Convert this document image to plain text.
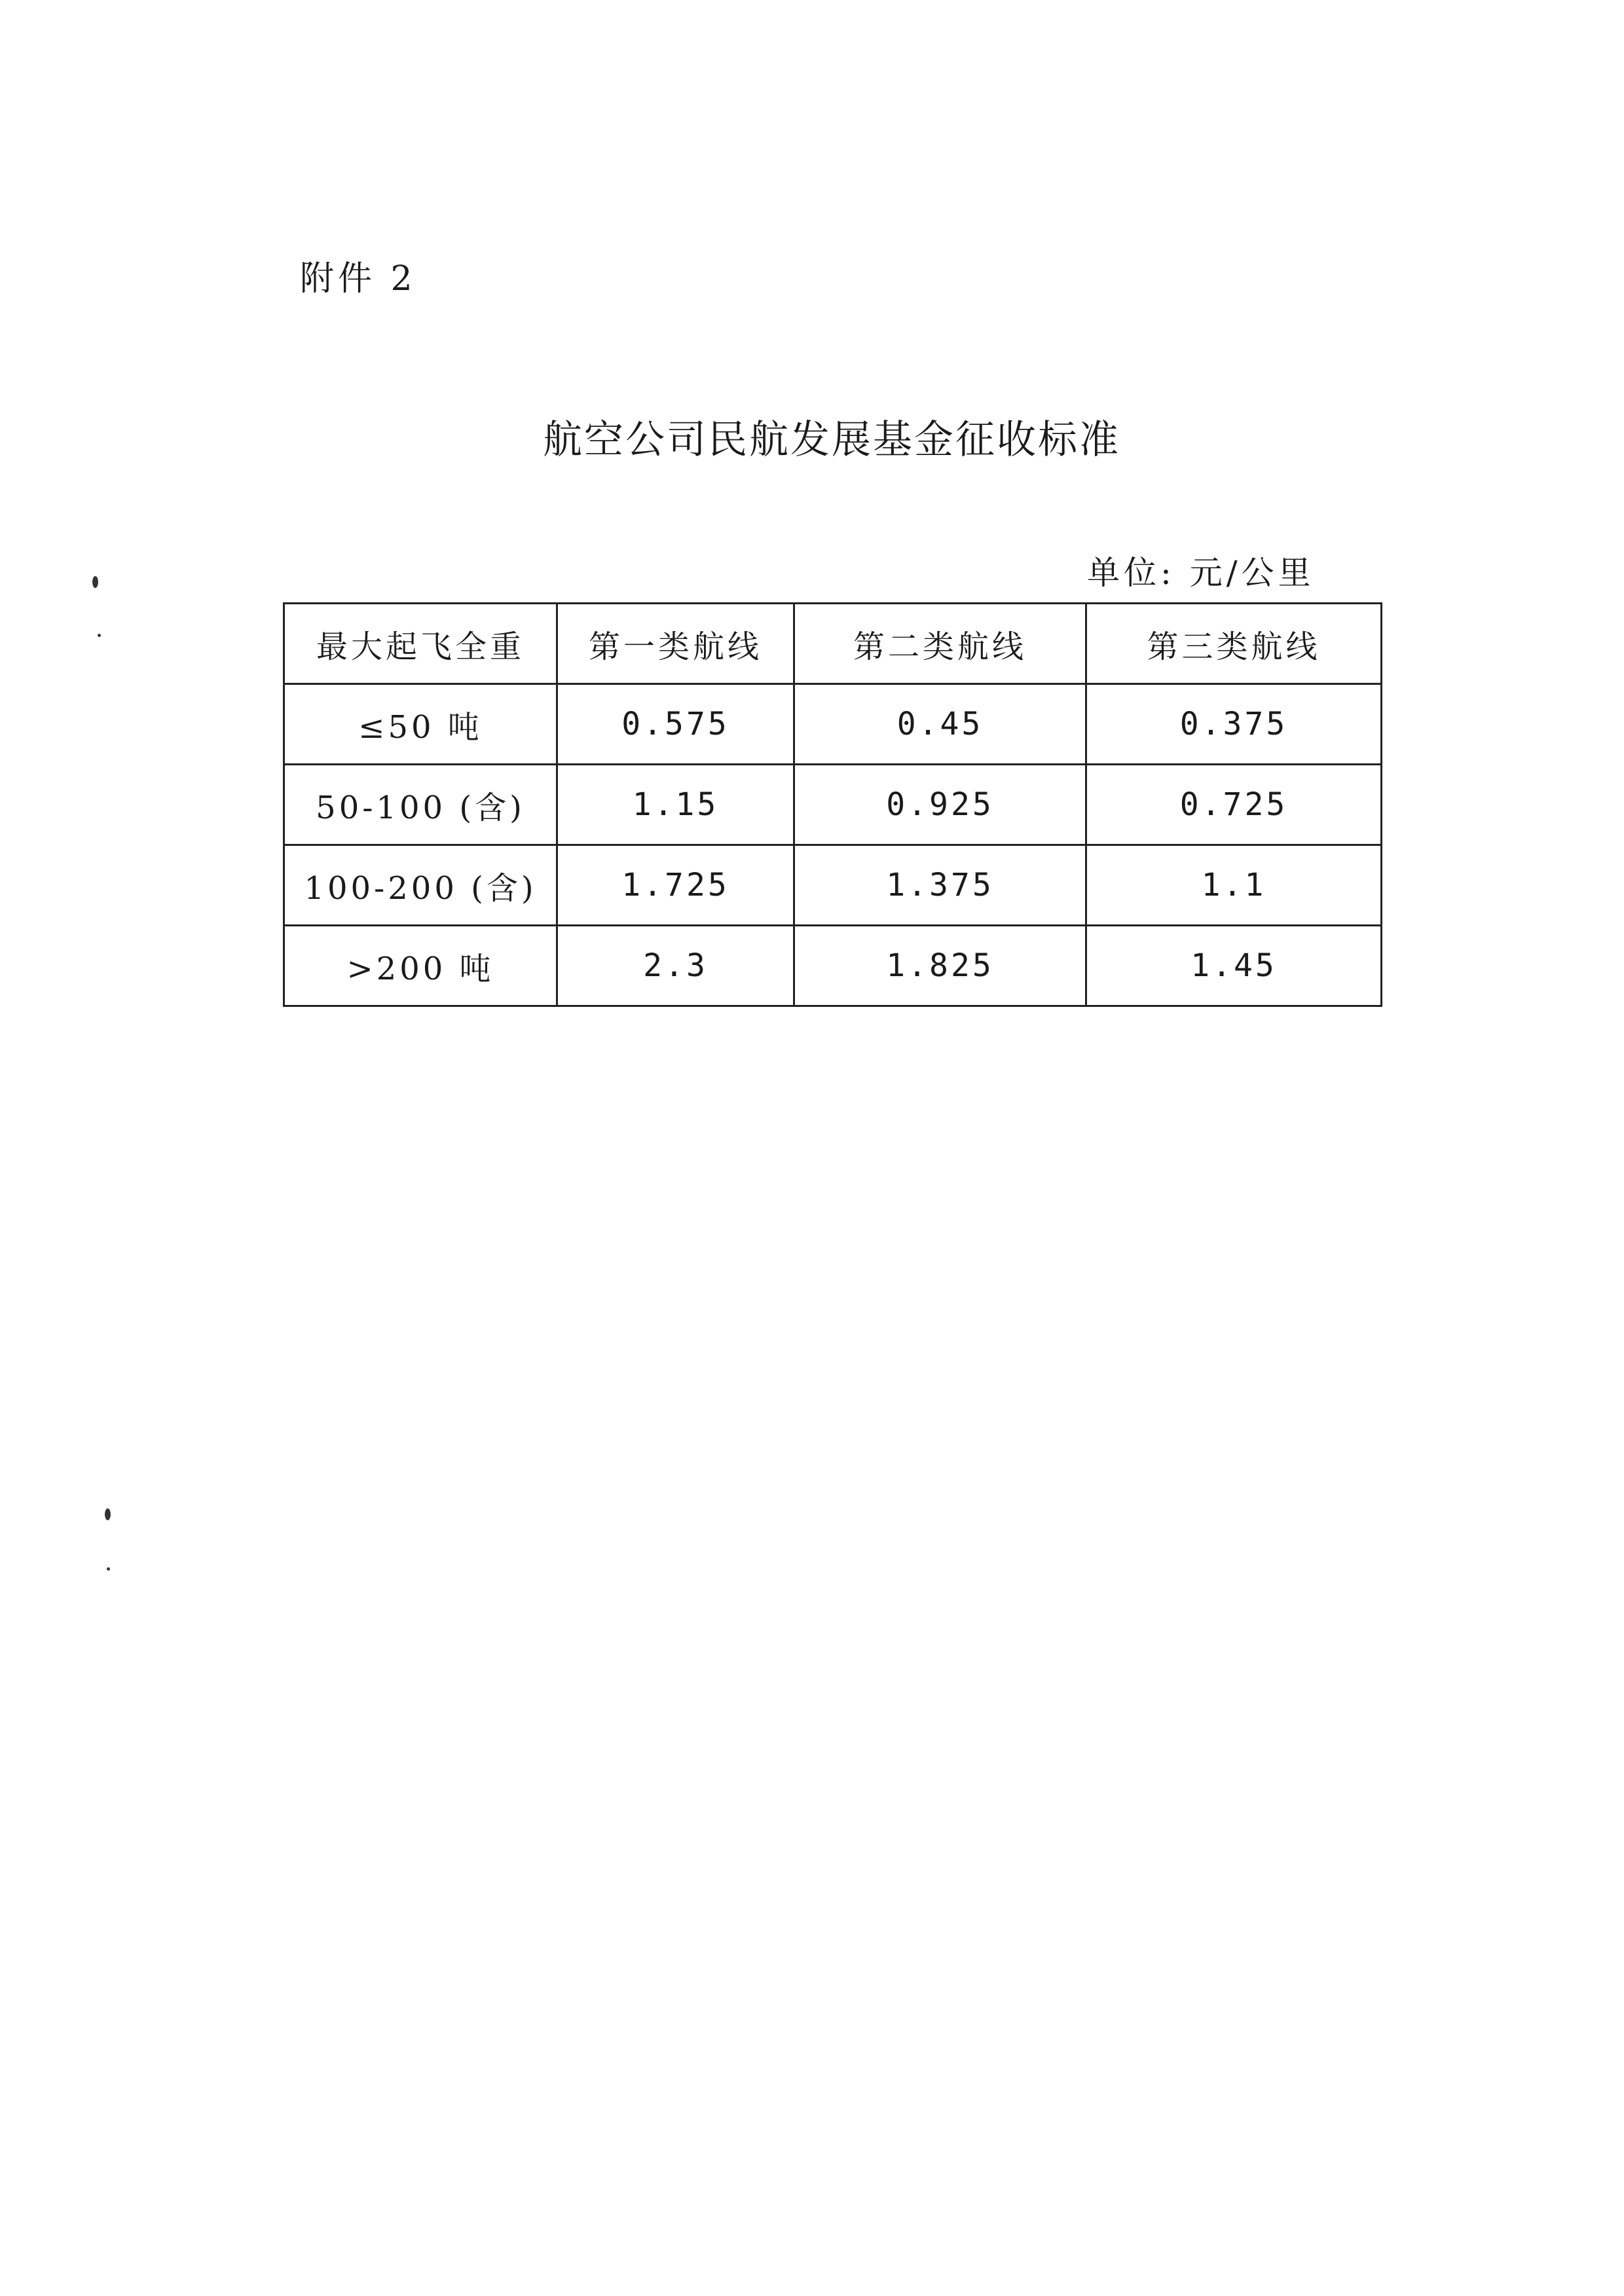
附件 2
航空公司民航发展基金征收标准
单位: 元/公里
最大起飞全重	第一类航线	第二类航线	第三类航线
≤50 吨	0.575	0.45	0.375
50-100 (含)	1.15	0.925	0.725
100-200 (含)	1.725	1.375	1.1
>200 吨	2.3	1.825	1.45
